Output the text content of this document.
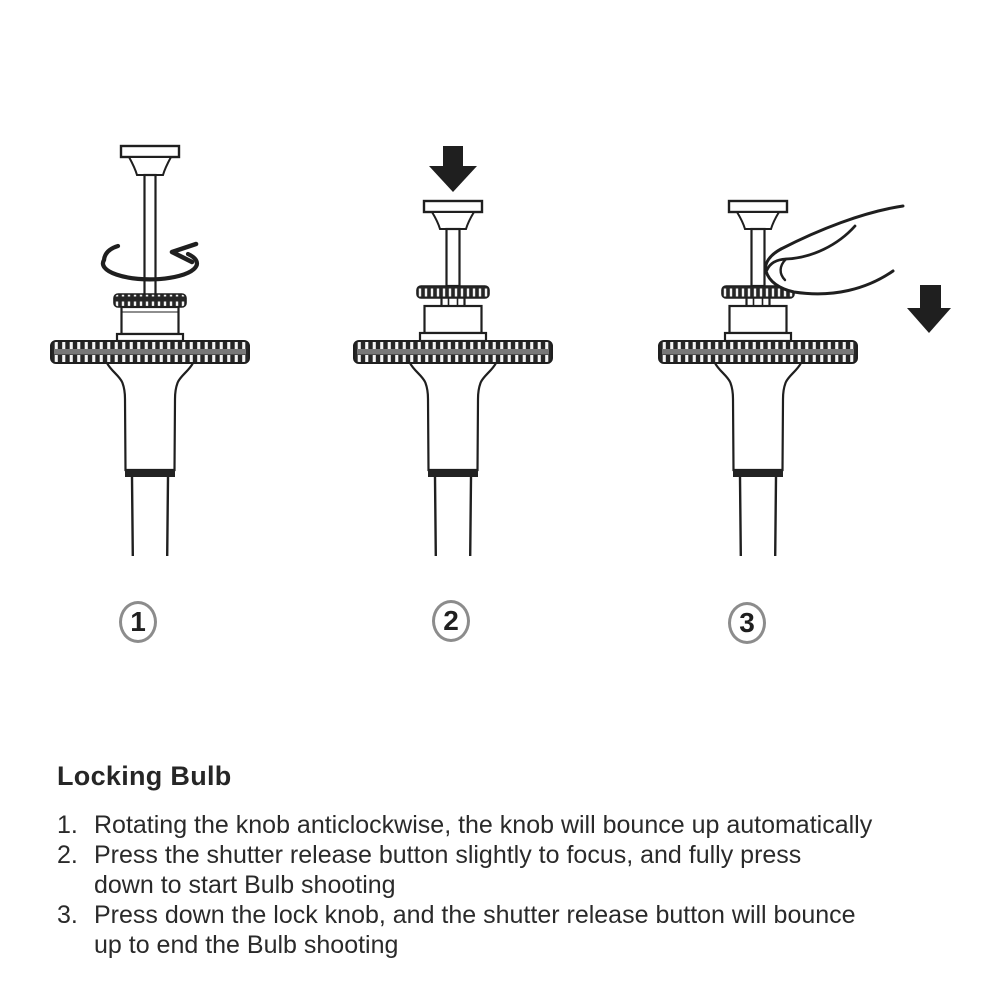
1	2	3
Locking Bulb
1. Rotating the knob anticlockwise, the knob will bounce up automatically
2. Press the shutter release button slightly to focus, and fully press
down to start Bulb shooting
3. Press down the lock knob, and the shutter release button will bounce
up to end the Bulb shooting
